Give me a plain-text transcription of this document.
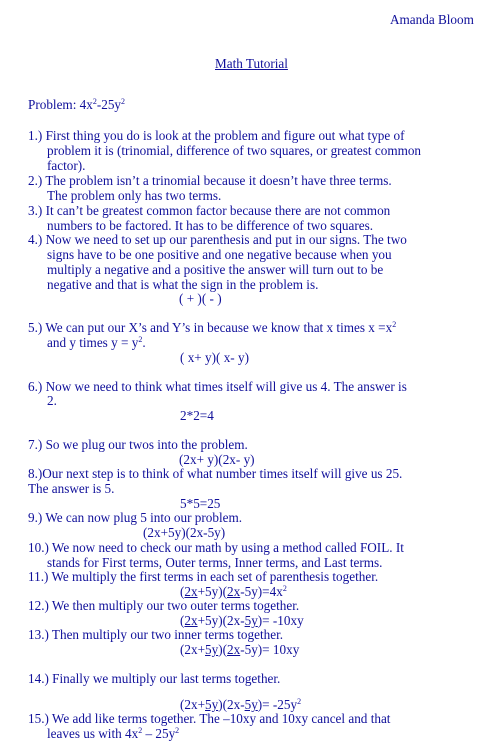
Amanda Bloom
Math Tutorial
Problem: $4x^2-25y^2$
1.) First thing you do is look at the problem and figure out what type of
problem it is (trinomial, difference of two squares, or greatest common
factor).
2.) The problem isn’t a trinomial because it doesn’t have three terms.
The problem only has two terms.
3.) It can’t be greatest common factor because there are not common
numbers to be factored. It has to be difference of two squares.
4.) Now we need to set up our parenthesis and put in our signs. The two
signs have to be one positive and one negative because when you
multiply a negative and a positive the answer will turn out to be
negative and that is what the sign in the problem is.
( + )( - )
5.) We can put our X’s and Y’s in because we know that x times $x =x^2$
and y times $y = y^2$.
( x+ y)( x- y)
6.) Now we need to think what times itself will give us 4. The answer is
2.
2*2=4
7.) So we plug our twos into the problem.
(2x+ y)(2x- y)
8.)Our next step is to think of what number times itself will give us 25.
The answer is 5.
5*5=25
9.) We can now plug 5 into our problem.
(2x+5y)(2x-5y)
10.) We now need to check our math by using a method called FOIL. It
stands for First terms, Outer terms, Inner terms, and Last terms.
11.) We multiply the first terms in each set of parenthesis together.
$(2x+5y)(2x-5y)=4x^2$
12.) We then multiply our two outer terms together.
(2x+5y)(2x-5y)= -10xy
13.) Then multiply our two inner terms together.
(2x+5y)(2x-5y)= 10xy
14.) Finally we multiply our last terms together.
$(2x+5y)(2x-5y)= -25y^2$
15.) We add like terms together. The –10xy and 10xy cancel and that
leaves us with $4x^2 - 25y^2$
